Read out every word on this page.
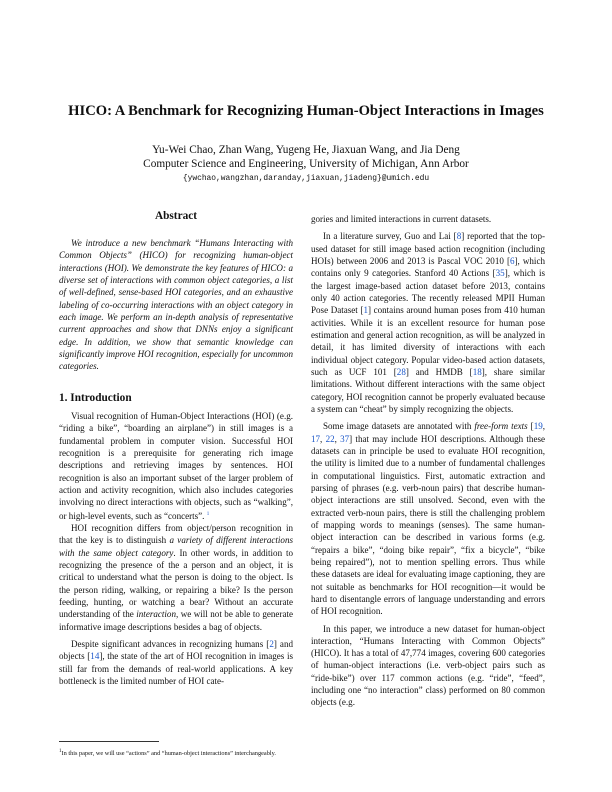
HICO: A Benchmark for Recognizing Human-Object Interactions in Images
Yu-Wei Chao, Zhan Wang, Yugeng He, Jiaxuan Wang, and Jia Deng
Computer Science and Engineering, University of Michigan, Ann Arbor
{ywchao,wangzhan,daranday,jiaxuan,jiadeng}@umich.edu
Abstract

We introduce a new benchmark “Humans Interacting with Common Objects” (HICO) for recognizing human-object interactions (HOI). We demonstrate the key features of HICO: a diverse set of interactions with common object categories, a list of well-defined, sense-based HOI categories, and an exhaustive labeling of co-occurring interactions with an object category in each image. We perform an in-depth analysis of representative current approaches and show that DNNs enjoy a significant edge. In addition, we show that semantic knowledge can significantly improve HOI recognition, especially for uncommon categories.

1. Introduction

Visual recognition of Human-Object Interactions (HOI) (e.g. “riding a bike”, “boarding an airplane”) in still images is a fundamental problem in computer vision. Successful HOI recognition is a prerequisite for generating rich image descriptions and retrieving images by sentences. HOI recognition is also an important subset of the larger problem of action and activity recognition, which also includes categories involving no direct interactions with objects, such as “walking”, or high-level events, such as “concerts”. $^1$

HOI recognition differs from object/person recognition in that the key is to distinguish a variety of different interactions with the same object category. In other words, in addition to recognizing the presence of the a person and an object, it is critical to understand what the person is doing to the object. Is the person riding, walking, or repairing a bike? Is the person feeding, hunting, or watching a bear? Without an accurate understanding of the interaction, we will not be able to generate informative image descriptions besides a bag of objects.

Despite significant advances in recognizing humans [2] and objects [14], the state of the art of HOI recognition in images is still far from the demands of real-world applications. A key bottleneck is the limited number of HOI cate-

$^1$In this paper, we will use “actions” and “human-object interactions” interchangeably.

gories and limited interactions in current datasets.

In a literature survey, Guo and Lai [8] reported that the top-used dataset for still image based action recognition (including HOIs) between 2006 and 2013 is Pascal VOC 2010 [6], which contains only 9 categories. Stanford 40 Actions [35], which is the largest image-based action dataset before 2013, contains only 40 action categories. The recently released MPII Human Pose Dataset [1] contains around human poses from 410 human activities. While it is an excellent resource for human pose estimation and general action recognition, as will be analyzed in detail, it has limited diversity of interactions with each individual object category. Popular video-based action datasets, such as UCF 101 [28] and HMDB [18], share similar limitations. Without different interactions with the same object category, HOI recognition cannot be properly evaluated because a system can “cheat” by simply recognizing the objects.

Some image datasets are annotated with free-form texts [19, 17, 22, 37] that may include HOI descriptions. Although these datasets can in principle be used to evaluate HOI recognition, the utility is limited due to a number of fundamental challenges in computational linguistics. First, automatic extraction and parsing of phrases (e.g. verb-noun pairs) that describe human-object interactions are still unsolved. Second, even with the extracted verb-noun pairs, there is still the challenging problem of mapping words to meanings (senses). The same human-object interaction can be described in various forms (e.g. “repairs a bike”, “doing bike repair”, “fix a bicycle”, “bike being repaired”), not to mention spelling errors. Thus while these datasets are ideal for evaluating image captioning, they are not suitable as benchmarks for HOI recognition—it would be hard to disentangle errors of language understanding and errors of HOI recognition.

In this paper, we introduce a new dataset for human-object interaction, “Humans Interacting with Common Objects” (HICO). It has a total of 47,774 images, covering 600 categories of human-object interactions (i.e. verb-object pairs such as “ride-bike”) over 117 common actions (e.g. “ride”, “feed”, including one “no interaction” class) performed on 80 common objects (e.g.
